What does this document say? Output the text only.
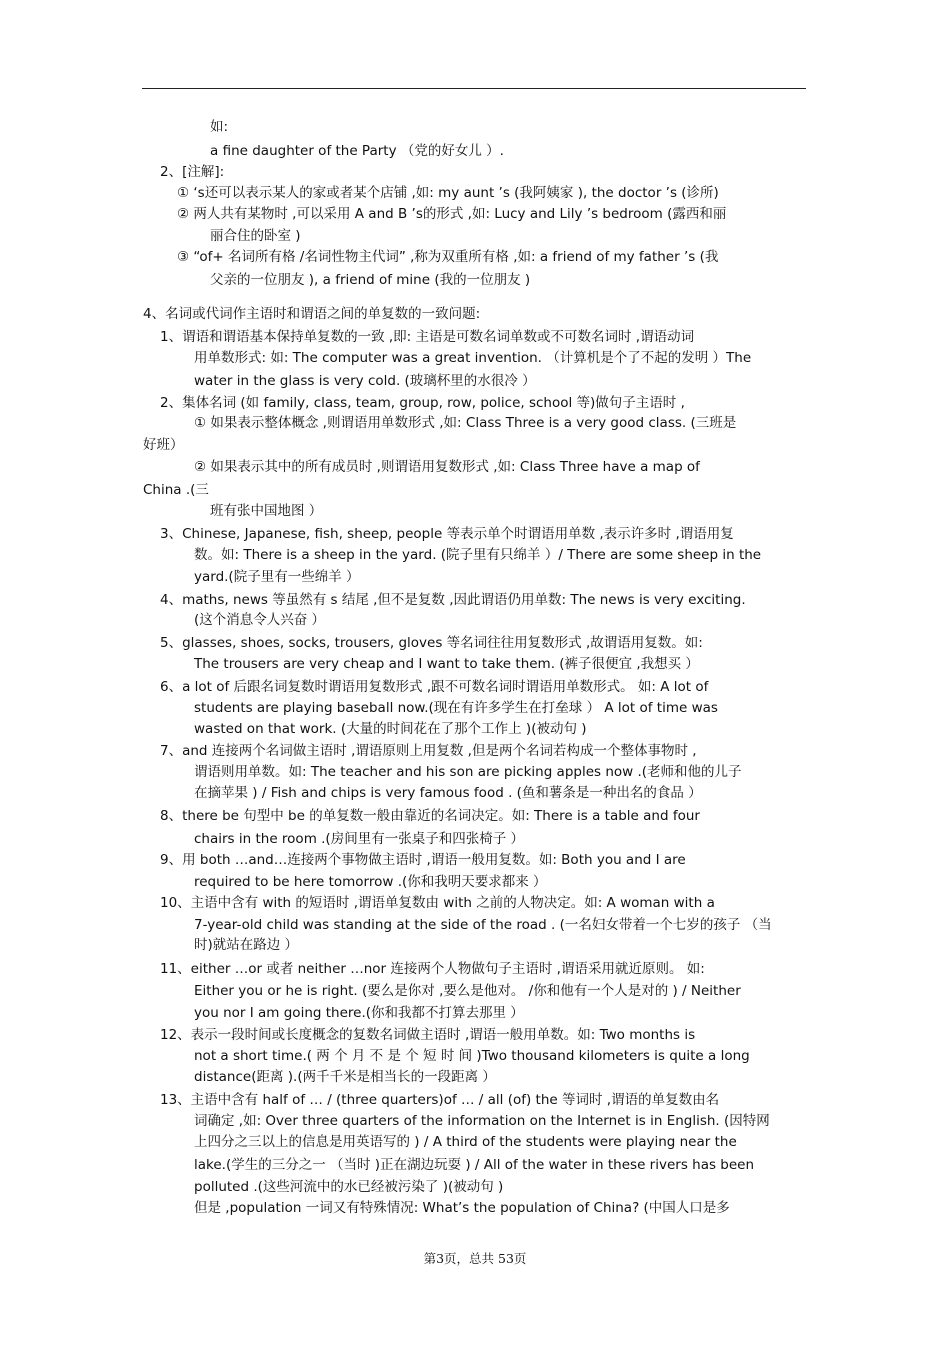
如:
a fine daughter of the Party （党的好女儿 ）.
2、[注解]:
① ‘s还可以表示某人的家或者某个店铺 ,如: my aunt ’s (我阿姨家 ), the doctor ’s (诊所)
② 两人共有某物时 ,可以采用 A and B ’s的形式 ,如: Lucy and Lily ’s bedroom (露西和丽
丽合住的卧室 )
③ “of+ 名词所有格 /名词性物主代词” ,称为双重所有格 ,如: a friend of my father ’s (我
父亲的一位朋友 ), a friend of mine (我的一位朋友 )
4、名词或代词作主语时和谓语之间的单复数的一致问题:
1、谓语和谓语基本保持单复数的一致 ,即: 主语是可数名词单数或不可数名词时 ,谓语动词
用单数形式: 如: The computer was a great invention. （计算机是个了不起的发明 ）The
water in the glass is very cold. (玻璃杯里的水很冷 ）
2、集体名词 (如 family, class, team, group, row, police, school 等)做句子主语时 ,
① 如果表示整体概念 ,则谓语用单数形式 ,如: Class Three is a very good class. (三班是
好班）
② 如果表示其中的所有成员时 ,则谓语用复数形式 ,如: Class Three have a map of
China .(三
班有张中国地图 ）
3、Chinese, Japanese, fish, sheep, people 等表示单个时谓语用单数 ,表示许多时 ,谓语用复
数。如: There is a sheep in the yard. (院子里有只绵羊 ）/ There are some sheep in the
yard.(院子里有一些绵羊 ）
4、maths, news 等虽然有 s 结尾 ,但不是复数 ,因此谓语仍用单数: The news is very exciting.
(这个消息令人兴奋 ）
5、glasses, shoes, socks, trousers, gloves 等名词往往用复数形式 ,故谓语用复数。如:
The trousers are very cheap and I want to take them. (裤子很便宜 ,我想买 ）
6、a lot of 后跟名词复数时谓语用复数形式 ,跟不可数名词时谓语用单数形式。 如: A lot of
students are playing baseball now.(现在有许多学生在打垒球 ） A lot of time was
wasted on that work. (大量的时间花在了那个工作上 )(被动句 )
7、and 连接两个名词做主语时 ,谓语原则上用复数 ,但是两个名词若构成一个整体事物时 ,
谓语则用单数。如: The teacher and his son are picking apples now .(老师和他的儿子
在摘苹果 ) / Fish and chips is very famous food . (鱼和薯条是一种出名的食品 ）
8、there be 句型中 be 的单复数一般由靠近的名词决定。如: There is a table and four
chairs in the room .(房间里有一张桌子和四张椅子 ）
9、用 both …and…连接两个事物做主语时 ,谓语一般用复数。如: Both you and I are
required to be here tomorrow .(你和我明天要求都来 ）
10、主语中含有 with 的短语时 ,谓语单复数由 with 之前的人物决定。如: A woman with a
7-year-old child was standing at the side of the road . (一名妇女带着一个七岁的孩子 （当
时)就站在路边 ）
11、either …or 或者 neither …nor 连接两个人物做句子主语时 ,谓语采用就近原则。 如:
Either you or he is right. (要么是你对 ,要么是他对。 /你和他有一个人是对的 ) / Neither
you nor I am going there.(你和我都不打算去那里 ）
12、表示一段时间或长度概念的复数名词做主语时 ,谓语一般用单数。如: Two months is
not a short time.( 两 个 月 不 是 个 短 时 间 )Two thousand kilometers is quite a long
distance(距离 ).(两千千米是相当长的一段距离 ）
13、主语中含有 half of … / (three quarters)of … / all (of) the 等词时 ,谓语的单复数由名
词确定 ,如: Over three quarters of the information on the Internet is in English. (因特网
上四分之三以上的信息是用英语写的 ) / A third of the students were playing near the
lake.(学生的三分之一 （当时 )正在湖边玩耍 ) / All of the water in these rivers has been
polluted .(这些河流中的水已经被污染了 )(被动句 )
但是 ,population 一词又有特殊情况: What’s the population of China? (中国人口是多
第3页，总共 53页
